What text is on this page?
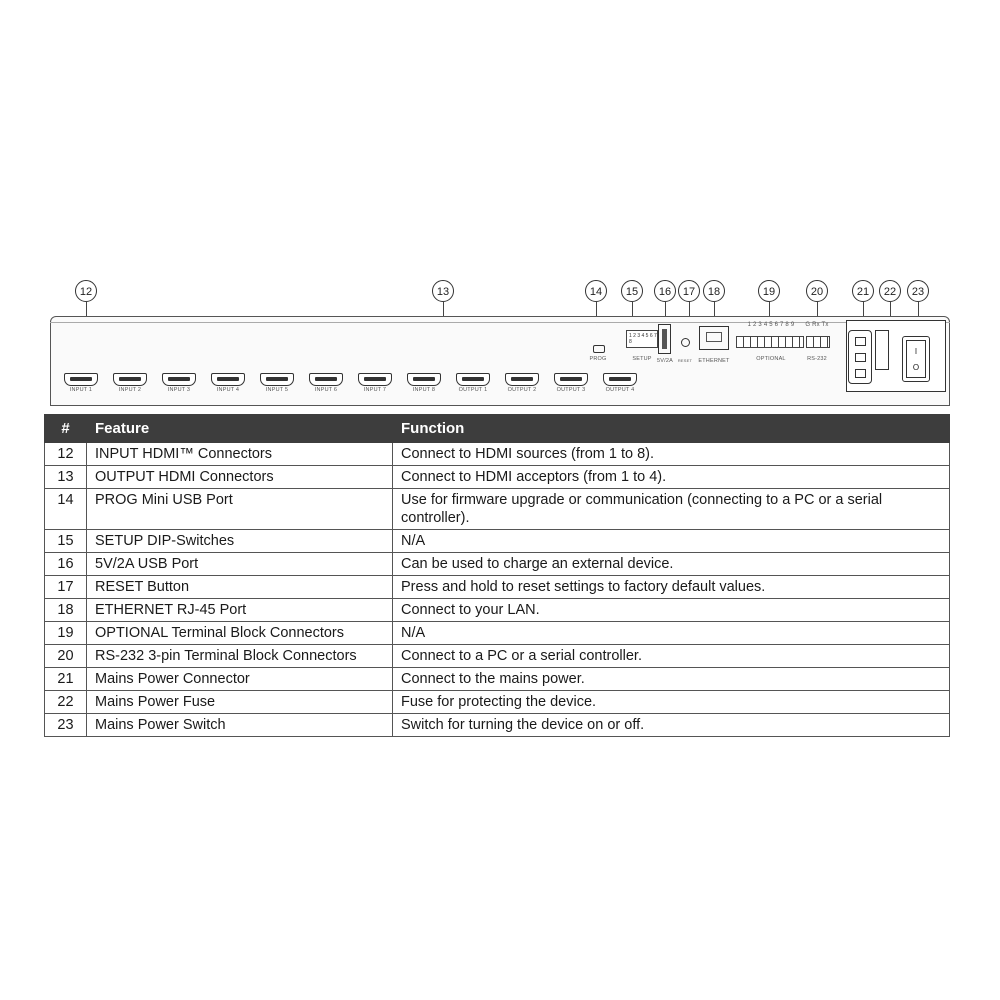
12	13	14	15	16	17	18	19	20	21	22	23
INPUT 1	INPUT 2	INPUT 3	INPUT 4	INPUT 5	INPUT 6	INPUT 7	INPUT 8	OUTPUT 1	OUTPUT 2	OUTPUT 3	OUTPUT 4
PROG
1 2 3 4 5 6 7 8
SETUP 5V/2A	RESET	ETHERNET
1 2 3 4 5 6 7 8 9
OPTIONAL
G Rx Tx
RS-232
I
O
#	Feature	Function
12	INPUT HDMI™ Connectors	Connect to HDMI sources (from 1 to 8).
13	OUTPUT HDMI Connectors	Connect to HDMI acceptors (from 1 to 4).
14	PROG Mini USB Port	Use for firmware upgrade or communication (connecting to a PC or a serial controller).
15	SETUP DIP-Switches	N/A
16	5V/2A USB Port	Can be used to charge an external device.
17	RESET Button	Press and hold to reset settings to factory default values.
18	ETHERNET RJ-45 Port	Connect to your LAN.
19	OPTIONAL Terminal Block Connectors	N/A
20	RS-232 3-pin Terminal Block Connectors	Connect to a PC or a serial controller.
21	Mains Power Connector	Connect to the mains power.
22	Mains Power Fuse	Fuse for protecting the device.
23	Mains Power Switch	Switch for turning the device on or off.
